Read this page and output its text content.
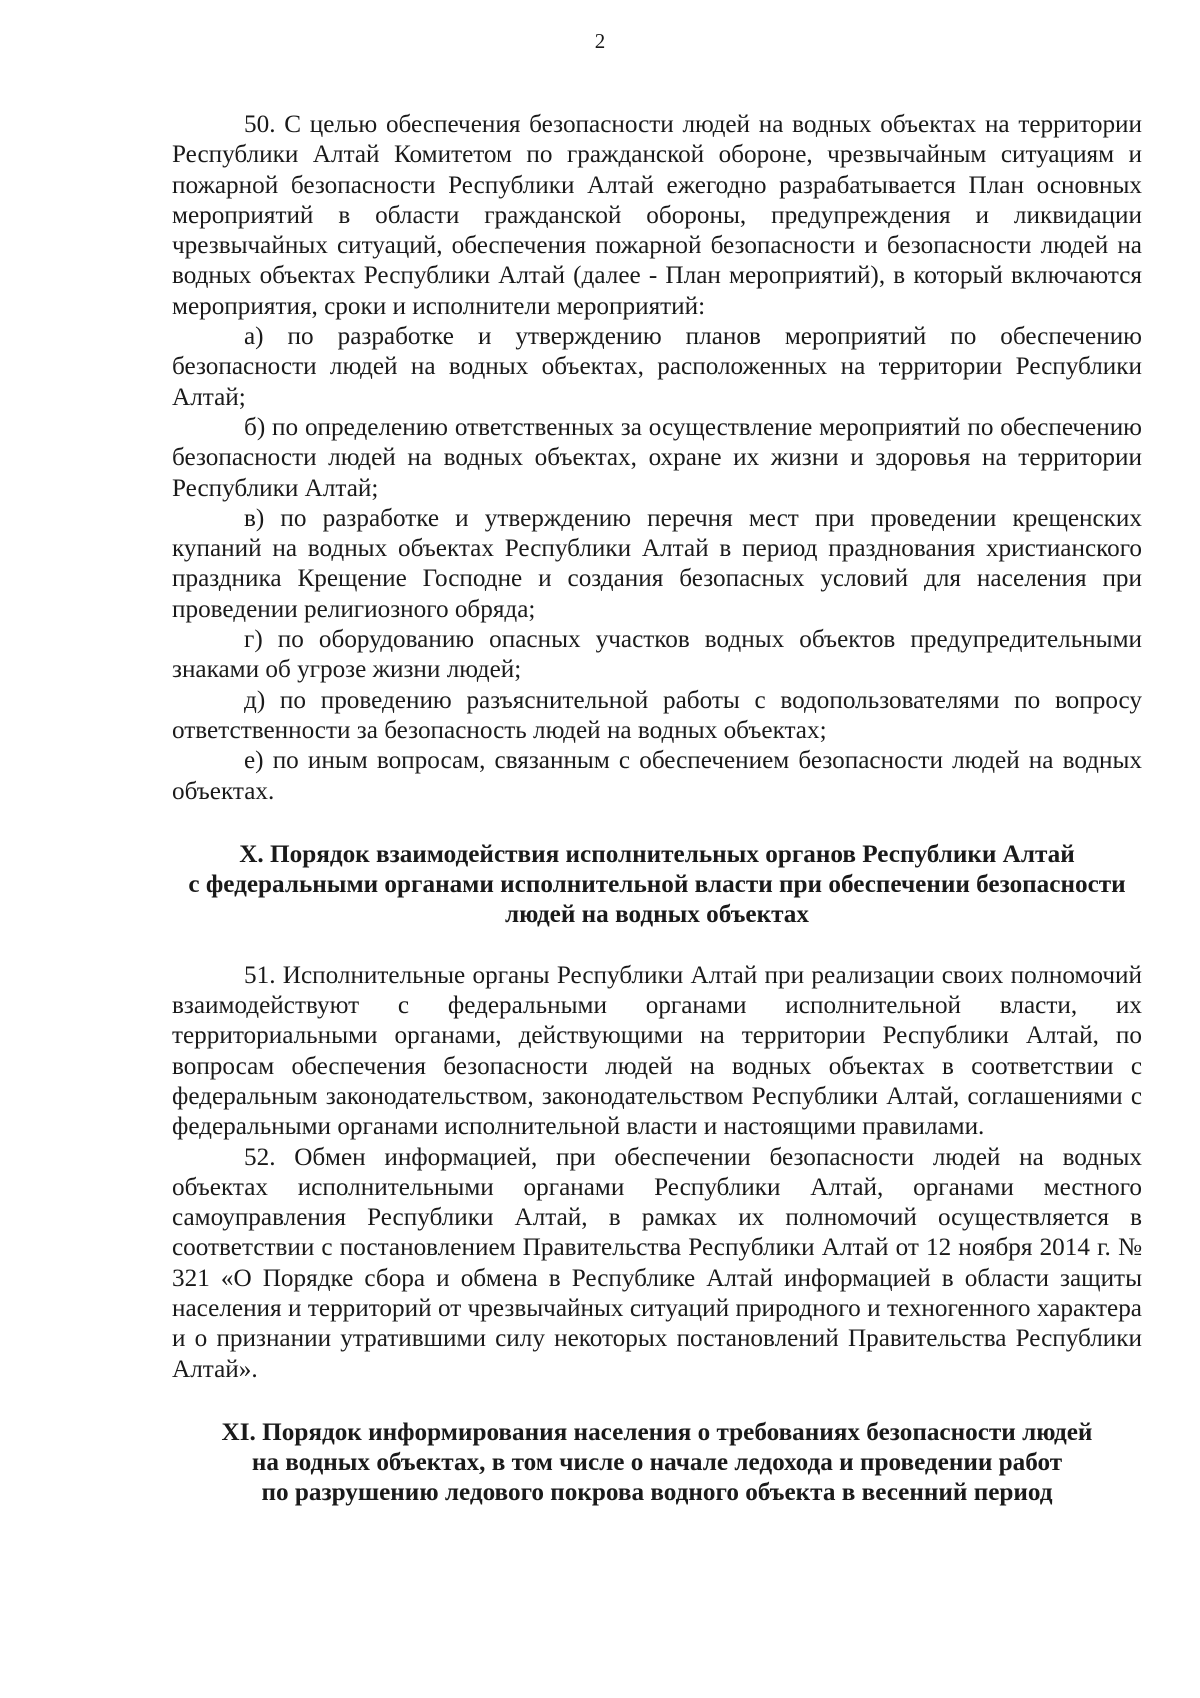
2

50. С целью обеспечения безопасности людей на водных объектах на территории Республики Алтай Комитетом по гражданской обороне, чрезвычайным ситуациям и пожарной безопасности Республики Алтай ежегодно разрабатывается План основных мероприятий в области гражданской обороны, предупреждения и ликвидации чрезвычайных ситуаций, обеспечения пожарной безопасности и безопасности людей на водных объектах Республики Алтай (далее - План мероприятий), в который включаются мероприятия, сроки и исполнители мероприятий:

а) по разработке и утверждению планов мероприятий по обеспечению безопасности людей на водных объектах, расположенных на территории Республики Алтай;

б) по определению ответственных за осуществление мероприятий по обеспечению безопасности людей на водных объектах, охране их жизни и здоровья на территории Республики Алтай;

в) по разработке и утверждению перечня мест при проведении крещенских купаний на водных объектах Республики Алтай в период празднования христианского праздника Крещение Господне и создания безопасных условий для населения при проведении религиозного обряда;

г) по оборудованию опасных участков водных объектов предупредительными знаками об угрозе жизни людей;

д) по проведению разъяснительной работы с водопользователями по вопросу ответственности за безопасность людей на водных объектах;

е) по иным вопросам, связанным с обеспечением безопасности людей на водных объектах.

X. Порядок взаимодействия исполнительных органов Республики Алтай
с федеральными органами исполнительной власти при обеспечении безопасности
людей на водных объектах

51. Исполнительные органы Республики Алтай при реализации своих полномочий взаимодействуют с федеральными органами исполнительной власти, их территориальными органами, действующими на территории Республики Алтай, по вопросам обеспечения безопасности людей на водных объектах в соответствии с федеральным законодательством, законодательством Республики Алтай, соглашениями с федеральными органами исполнительной власти и настоящими правилами.

52. Обмен информацией, при обеспечении безопасности людей на водных объектах исполнительными органами Республики Алтай, органами местного самоуправления Республики Алтай, в рамках их полномочий осуществляется в соответствии с постановлением Правительства Республики Алтай от 12 ноября 2014 г. № 321 «О Порядке сбора и обмена в Республике Алтай информацией в области защиты населения и территорий от чрезвычайных ситуаций природного и техногенного характера и о признании утратившими силу некоторых постановлений Правительства Республики Алтай».

XI. Порядок информирования населения о требованиях безопасности людей
на водных объектах, в том числе о начале ледохода и проведении работ
по разрушению ледового покрова водного объекта в весенний период
